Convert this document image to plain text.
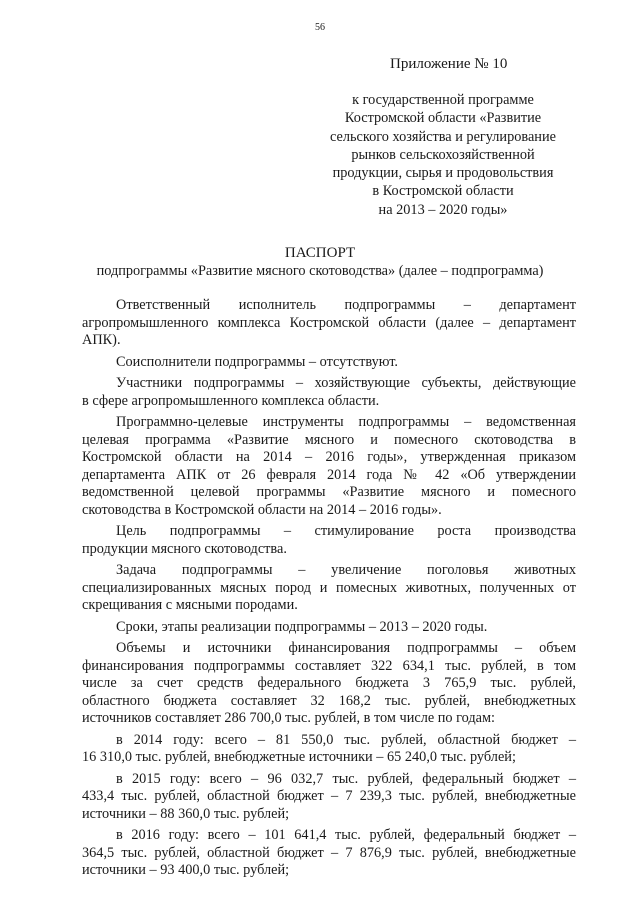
56
Приложение № 10
к государственной программе
Костромской области «Развитие
сельского хозяйства и регулирование
рынков сельскохозяйственной
продукции, сырья и продовольствия
в Костромской области
на 2013 – 2020 годы»
ПАСПОРТ
подпрограммы «Развитие мясного скотоводства» (далее – подпрограмма)
Ответственный исполнитель подпрограммы – департамент
агропромышленного комплекса Костромской области (далее – департамент
АПК).
Соисполнители подпрограммы – отсутствуют.
Участники подпрограммы – хозяйствующие субъекты, действующие
в сфере агропромышленного комплекса области.
Программно-целевые инструменты подпрограммы – ведомственная
целевая программа «Развитие мясного и помесного скотоводства в
Костромской области на 2014 – 2016 годы», утвержденная приказом
департамента АПК от 26 февраля 2014 года № 42 «Об утверждении
ведомственной целевой программы «Развитие мясного и помесного
скотоводства в Костромской области на 2014 – 2016 годы».
Цель подпрограммы – стимулирование роста производства
продукции мясного скотоводства.
Задача подпрограммы – увеличение поголовья животных
специализированных мясных пород и помесных животных, полученных от
скрещивания с мясными породами.
Сроки, этапы реализации подпрограммы – 2013 – 2020 годы.
Объемы и источники финансирования подпрограммы – объем
финансирования подпрограммы составляет 322 634,1 тыс. рублей, в том
числе за счет средств федерального бюджета 3 765,9 тыс. рублей,
областного бюджета составляет 32 168,2 тыс. рублей, внебюджетных
источников составляет 286 700,0 тыс. рублей, в том числе по годам:
в 2014 году: всего – 81 550,0 тыс. рублей, областной бюджет –
16 310,0 тыс. рублей, внебюджетные источники – 65 240,0 тыс. рублей;
в 2015 году: всего – 96 032,7 тыс. рублей, федеральный бюджет –
433,4 тыс. рублей, областной бюджет – 7 239,3 тыс. рублей, внебюджетные
источники – 88 360,0 тыс. рублей;
в 2016 году: всего – 101 641,4 тыс. рублей, федеральный бюджет –
364,5 тыс. рублей, областной бюджет – 7 876,9 тыс. рублей, внебюджетные
источники – 93 400,0 тыс. рублей;
